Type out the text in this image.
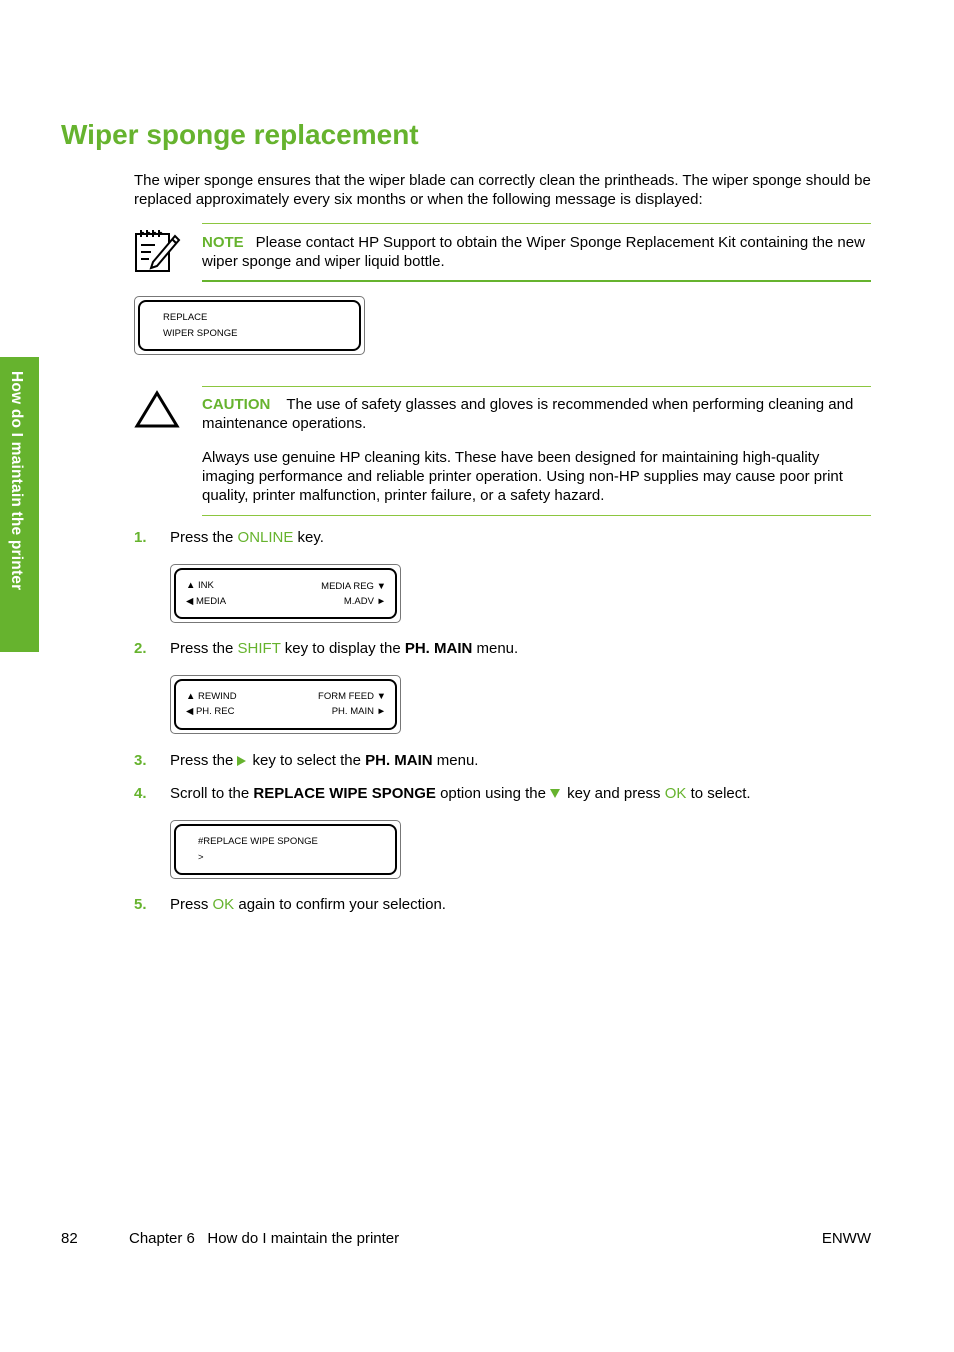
Wiper sponge replacement
How do I maintain the printer
The wiper sponge ensures that the wiper blade can correctly clean the printheads. The wiper sponge should be replaced approximately every six months or when the following message is displayed:
NOTE Please contact HP Support to obtain the Wiper Sponge Replacement Kit containing the new wiper sponge and wiper liquid bottle.
REPLACE
WIPER SPONGE
CAUTION The use of safety glasses and gloves is recommended when performing cleaning and maintenance operations.
Always use genuine HP cleaning kits. These have been designed for maintaining high-quality imaging performance and reliable printer operation. Using non-HP supplies may cause poor print quality, printer malfunction, printer failure, or a safety hazard.
1. Press the ONLINE key.
▲ INK
◀ MEDIA
MEDIA REG ▼
M.ADV ►
2. Press the SHIFT key to display the PH. MAIN menu.
▲ REWIND
◀ PH. REC
FORM FEED ▼
PH. MAIN ►
3. Press the key to select the PH. MAIN menu.
4. Scroll to the REPLACE WIPE SPONGE option using the key and press OK to select.
#REPLACE WIPE SPONGE
>
5. Press OK again to confirm your selection.
82	Chapter 6   How do I maintain the printer	ENWW
